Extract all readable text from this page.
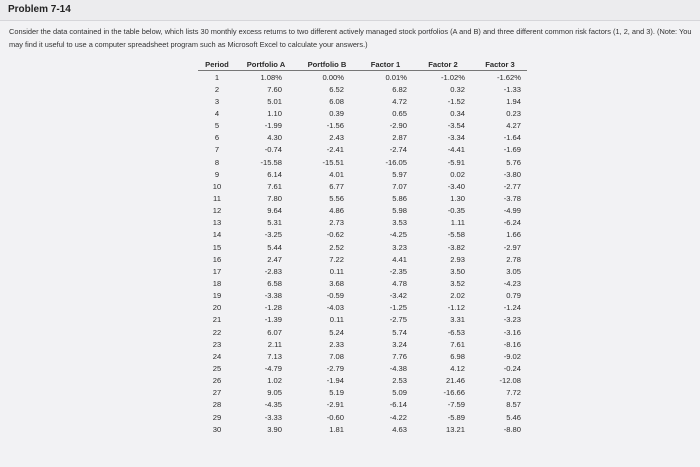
Problem 7-14
Consider the data contained in the table below, which lists 30 monthly excess returns to two different actively managed stock portfolios (A and B) and three different common risk factors (1, 2, and 3). (Note: You may find it useful to use a computer spreadsheet program such as Microsoft Excel to calculate your answers.)
Period	Portfolio A	Portfolio B	Factor 1	Factor 2	Factor 3
1	1.08%	0.00%	0.01%	-1.02%	-1.62%
2	7.60	6.52	6.82	0.32	-1.33
3	5.01	6.08	4.72	-1.52	1.94
4	1.10	0.39	0.65	0.34	0.23
5	-1.99	-1.56	-2.90	-3.54	4.27
6	4.30	2.43	2.87	-3.34	-1.64
7	-0.74	-2.41	-2.74	-4.41	-1.69
8	-15.58	-15.51	-16.05	-5.91	5.76
9	6.14	4.01	5.97	0.02	-3.80
10	7.61	6.77	7.07	-3.40	-2.77
11	7.80	5.56	5.86	1.30	-3.78
12	9.64	4.86	5.98	-0.35	-4.99
13	5.31	2.73	3.53	1.11	-6.24
14	-3.25	-0.62	-4.25	-5.58	1.66
15	5.44	2.52	3.23	-3.82	-2.97
16	2.47	7.22	4.41	2.93	2.78
17	-2.83	0.11	-2.35	3.50	3.05
18	6.58	3.68	4.78	3.52	-4.23
19	-3.38	-0.59	-3.42	2.02	0.79
20	-1.28	-4.03	-1.25	-1.12	-1.24
21	-1.39	0.11	-2.75	3.31	-3.23
22	6.07	5.24	5.74	-6.53	-3.16
23	2.11	2.33	3.24	7.61	-8.16
24	7.13	7.08	7.76	6.98	-9.02
25	-4.79	-2.79	-4.38	4.12	-0.24
26	1.02	-1.94	2.53	21.46	-12.08
27	9.05	5.19	5.09	-16.66	7.72
28	-4.35	-2.91	-6.14	-7.59	8.57
29	-3.33	-0.60	-4.22	-5.89	5.46
30	3.90	1.81	4.63	13.21	-8.80
